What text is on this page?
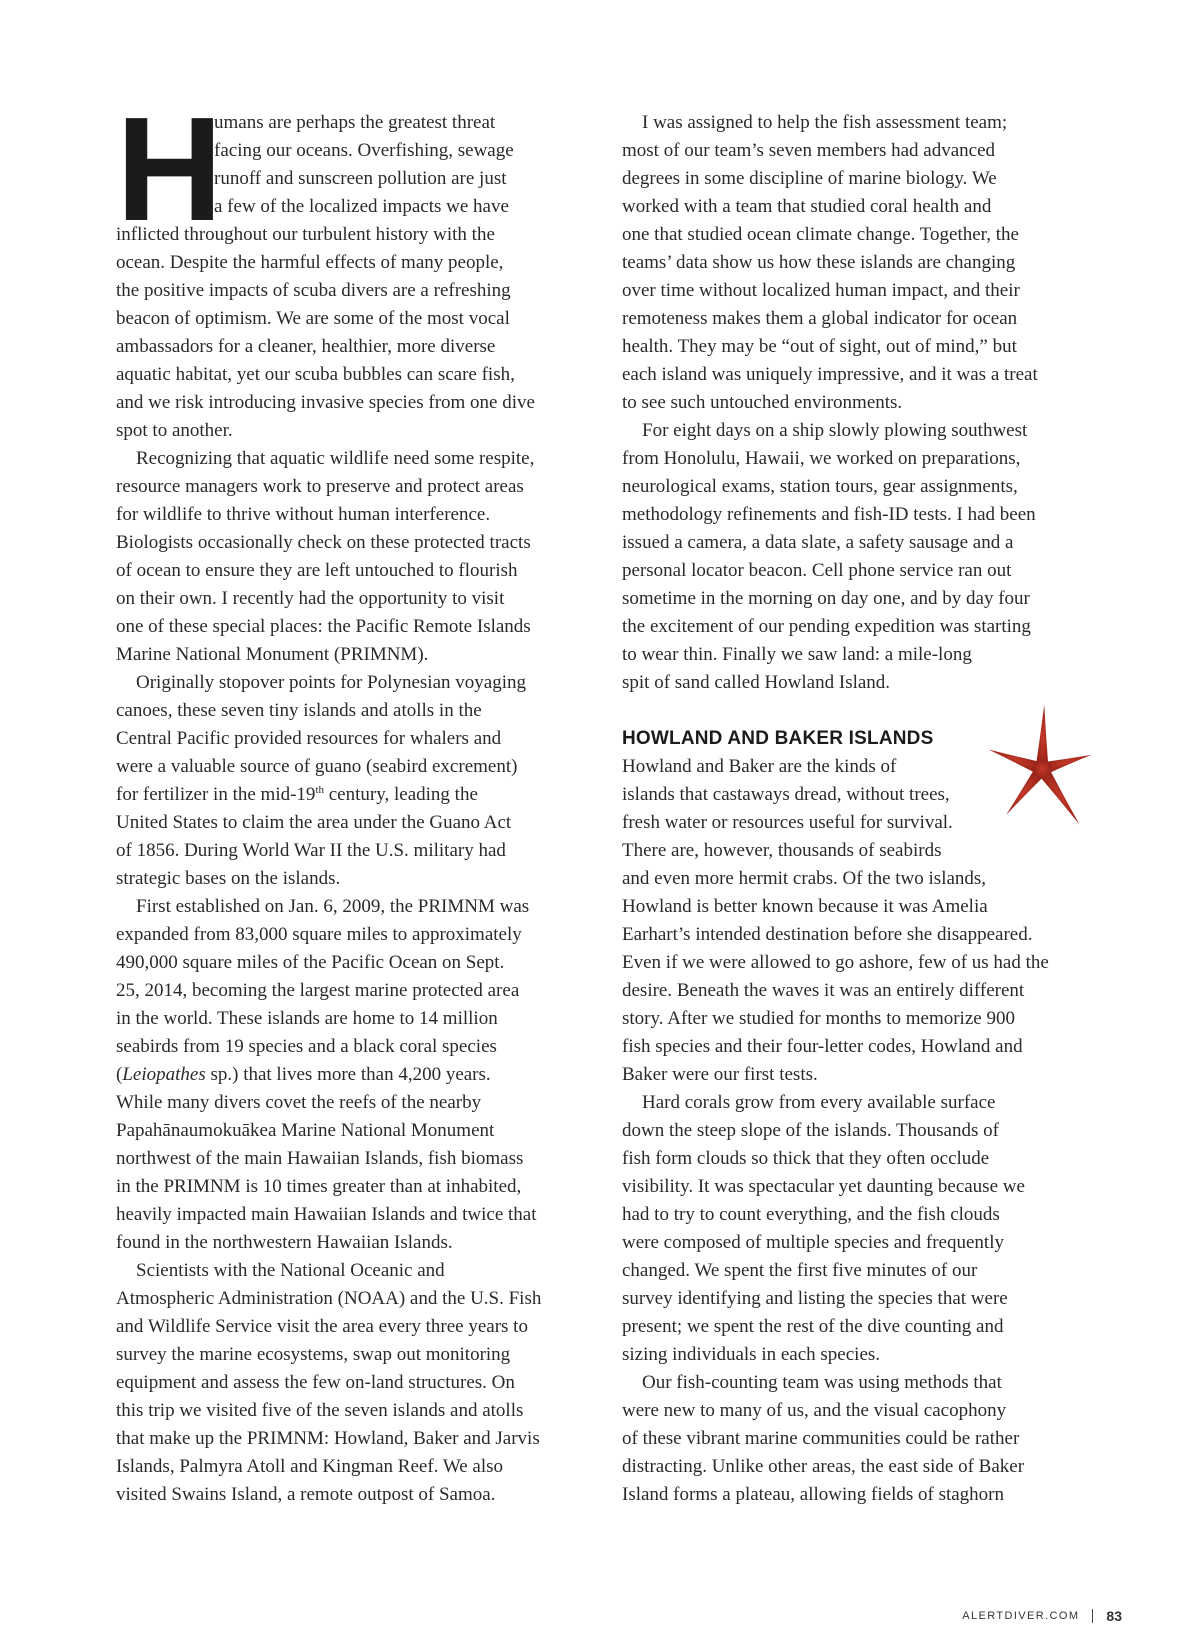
H
umans are perhaps the greatest threat
facing our oceans. Overfishing, sewage
runoff and sunscreen pollution are just
a few of the localized impacts we have
inflicted throughout our turbulent history with the
ocean. Despite the harmful effects of many people,
the positive impacts of scuba divers are a refreshing
beacon of optimism. We are some of the most vocal
ambassadors for a cleaner, healthier, more diverse
aquatic habitat, yet our scuba bubbles can scare fish,
and we risk introducing invasive species from one dive
spot to another.
Recognizing that aquatic wildlife need some respite,
resource managers work to preserve and protect areas
for wildlife to thrive without human interference.
Biologists occasionally check on these protected tracts
of ocean to ensure they are left untouched to flourish
on their own. I recently had the opportunity to visit
one of these special places: the Pacific Remote Islands
Marine National Monument (PRIMNM).
Originally stopover points for Polynesian voyaging
canoes, these seven tiny islands and atolls in the
Central Pacific provided resources for whalers and
were a valuable source of guano (seabird excrement)
for fertilizer in the mid-19th century, leading the
United States to claim the area under the Guano Act
of 1856. During World War II the U.S. military had
strategic bases on the islands.
First established on Jan. 6, 2009, the PRIMNM was
expanded from 83,000 square miles to approximately
490,000 square miles of the Pacific Ocean on Sept.
25, 2014, becoming the largest marine protected area
in the world. These islands are home to 14 million
seabirds from 19 species and a black coral species
(Leiopathes sp.) that lives more than 4,200 years.
While many divers covet the reefs of the nearby
Papahānaumokuākea Marine National Monument
northwest of the main Hawaiian Islands, fish biomass
in the PRIMNM is 10 times greater than at inhabited,
heavily impacted main Hawaiian Islands and twice that
found in the northwestern Hawaiian Islands.
Scientists with the National Oceanic and
Atmospheric Administration (NOAA) and the U.S. Fish
and Wildlife Service visit the area every three years to
survey the marine ecosystems, swap out monitoring
equipment and assess the few on-land structures. On
this trip we visited five of the seven islands and atolls
that make up the PRIMNM: Howland, Baker and Jarvis
Islands, Palmyra Atoll and Kingman Reef. We also
visited Swains Island, a remote outpost of Samoa.
I was assigned to help the fish assessment team;
most of our team’s seven members had advanced
degrees in some discipline of marine biology. We
worked with a team that studied coral health and
one that studied ocean climate change. Together, the
teams’ data show us how these islands are changing
over time without localized human impact, and their
remoteness makes them a global indicator for ocean
health. They may be “out of sight, out of mind,” but
each island was uniquely impressive, and it was a treat
to see such untouched environments.
For eight days on a ship slowly plowing southwest
from Honolulu, Hawaii, we worked on preparations,
neurological exams, station tours, gear assignments,
methodology refinements and fish-ID tests. I had been
issued a camera, a data slate, a safety sausage and a
personal locator beacon. Cell phone service ran out
sometime in the morning on day one, and by day four
the excitement of our pending expedition was starting
to wear thin. Finally we saw land: a mile-long
spit of sand called Howland Island.
HOWLAND AND BAKER ISLANDS
Howland and Baker are the kinds of
islands that castaways dread, without trees,
fresh water or resources useful for survival.
There are, however, thousands of seabirds
and even more hermit crabs. Of the two islands,
Howland is better known because it was Amelia
Earhart’s intended destination before she disappeared.
Even if we were allowed to go ashore, few of us had the
desire. Beneath the waves it was an entirely different
story. After we studied for months to memorize 900
fish species and their four-letter codes, Howland and
Baker were our first tests.
Hard corals grow from every available surface
down the steep slope of the islands. Thousands of
fish form clouds so thick that they often occlude
visibility. It was spectacular yet daunting because we
had to try to count everything, and the fish clouds
were composed of multiple species and frequently
changed. We spent the first five minutes of our
survey identifying and listing the species that were
present; we spent the rest of the dive counting and
sizing individuals in each species.
Our fish-counting team was using methods that
were new to many of us, and the visual cacophony
of these vibrant marine communities could be rather
distracting. Unlike other areas, the east side of Baker
Island forms a plateau, allowing fields of staghorn
ALERTDIVER.COM 83
